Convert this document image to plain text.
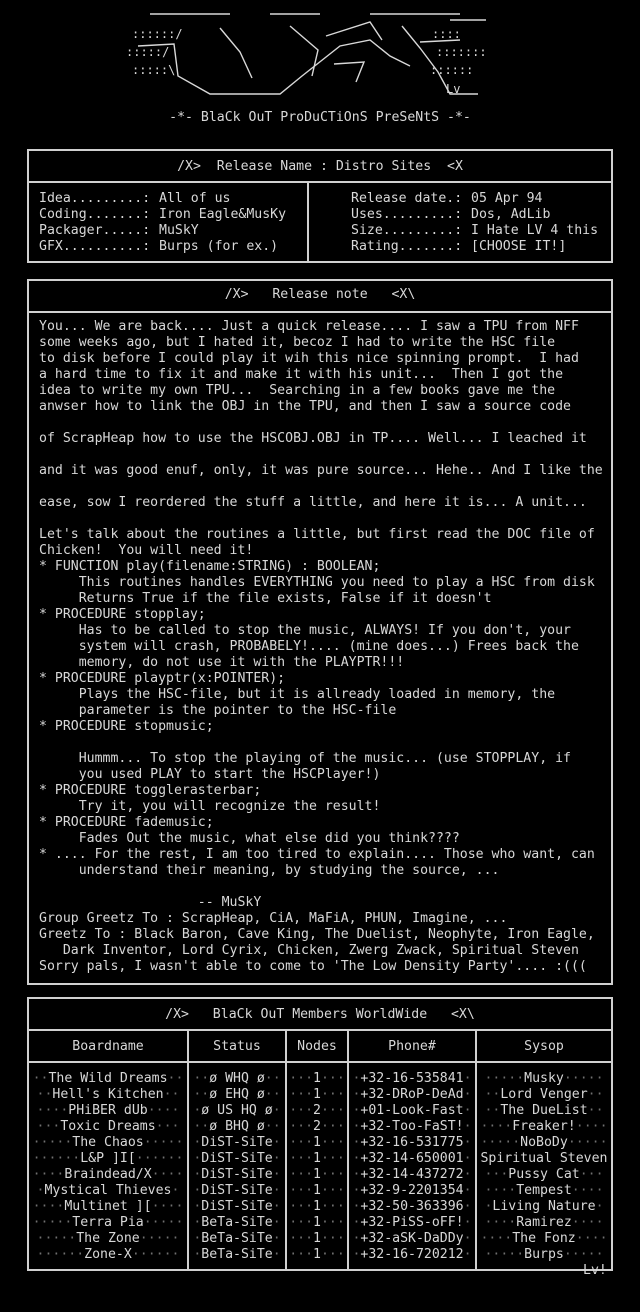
::::::/
:::::/
:::::\
::::
:::::::
::::::
Lv
-*- BlaCk OuT ProDuCTiOnS PreSeNtS -*-
/X>  Release Name : Distro Sites  <X
Idea.........: All of us
Coding.......: Iron Eagle&MusKy
Packager.....: MuSkY
GFX..........: Burps (for ex.)
Release date.: 05 Apr 94
Uses.........: Dos, AdLib
Size.........: I Hate LV 4 this
Rating.......: [CHOOSE IT!]
/X>   Release note   <X\
You... We are back.... Just a quick release.... I saw a TPU from NFF
some weeks ago, but I hated it, becoz I had to write the HSC file
to disk before I could play it wih this nice spinning prompt.  I had
a hard time to fix it and make it with his unit...  Then I got the
idea to write my own TPU...  Searching in a few books gave me the
anwser how to link the OBJ in the TPU, and then I saw a source code
of ScrapHeap how to use the HSCOBJ.OBJ in TP.... Well... I leached it
and it was good enuf, only, it was pure source... Hehe.. And I like the
ease, sow I reordered the stuff a little, and here it is... A unit...
Let's talk about the routines a little, but first read the DOC file of
Chicken!  You will need it!
* FUNCTION play(filename:STRING) : BOOLEAN;
This routines handles EVERYTHING you need to play a HSC from disk
Returns True if the file exists, False if it doesn't
* PROCEDURE stopplay;
Has to be called to stop the music, ALWAYS! If you don't, your
system will crash, PROBABELY!.... (mine does...) Frees back the
memory, do not use it with the PLAYPTR!!!
* PROCEDURE playptr(x:POINTER);
Plays the HSC-file, but it is allready loaded in memory, the
parameter is the pointer to the HSC-file
* PROCEDURE stopmusic;
Hummm... To stop the playing of the music... (use STOPPLAY, if
you used PLAY to start the HSCPlayer!)
* PROCEDURE togglerasterbar;
Try it, you will recognize the result!
* PROCEDURE fademusic;
Fades Out the music, what else did you think????
* .... For the rest, I am too tired to explain.... Those who want, can
understand their meaning, by studying the source, ...
-- MuSkY
Group Greetz To : ScrapHeap, CiA, MaFiA, PHUN, Imagine, ...
Greetz To : Black Baron, Cave King, The Duelist, Neophyte, Iron Eagle,
Dark Inventor, Lord Cyrix, Chicken, Zwerg Zwack, Spiritual Steven
Sorry pals, I wasn't able to come to 'The Low Density Party'.... :(((
/X>   BlaCk OuT Members WorldWide   <X\
Boardname	Status	Nodes	Phone#	Sysop
··The Wild Dreams·· ··ø WHQ ø·· ···1··· ·+32-16-535841· ·····Musky·····
··Hell's Kitchen··	··ø EHQ ø·· ···1··· ·+32-DRoP-DeAd· ··Lord Venger··
····PHiBER dUb····	·ø US HQ ø· ···2··· ·+01-Look-Fast· ··The DueList··
···Toxic Dreams···	··ø BHQ ø·· ···2··· ·+32-Too-FaST!· ····Freaker!····
·····The Chaos····· ·DiST-SiTe· ···1··· ·+32-16-531775· ·····NoBoDy·····
······L&P ]I[······ ·DiST-SiTe· ···1··· ·+32-14-650001· Spiritual Steven
····Braindead/X···· ·DiST-SiTe· ···1··· ·+32-14-437272· ···Pussy Cat···
·Mystical Thieves·	·DiST-SiTe· ···1··· ·+32-9-2201354· ····Tempest····
····Multinet ][···· ·DiST-SiTe· ···1··· ·+32-50-363396· ·Living Nature·
·····Terra Pia····· ·BeTa-SiTe· ···1··· ·+32-PiSS-oFF!· ····Ramirez····
·····The Zone·····	·BeTa-SiTe· ···1··· ·+32-aSK-DaDDy· ····The Fonz····
······Zone-X······	·BeTa-SiTe· ···1··· ·+32-16-720212· ·····Burps·····
Lv!
